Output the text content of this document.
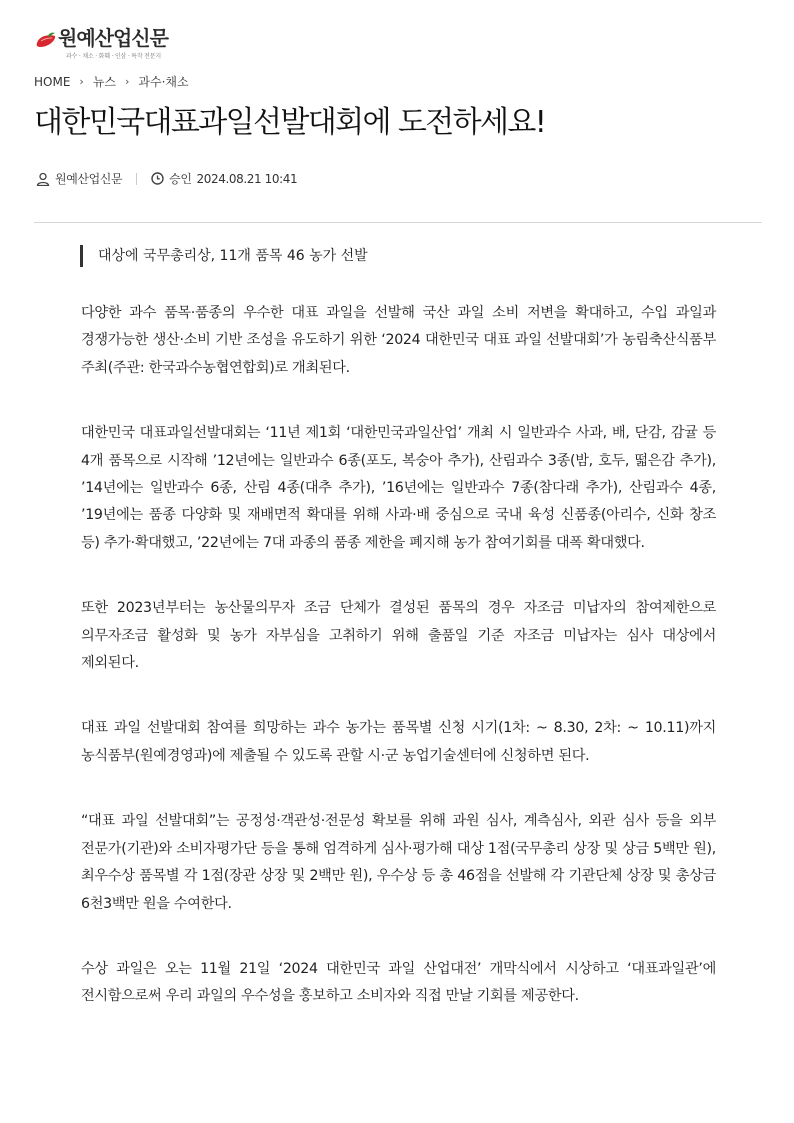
원예산업신문
과수 · 채소 · 화훼 · 인삼 · 특작 전문지
HOME › 뉴스 › 과수·채소
대한민국대표과일선발대회에 도전하세요!
원예산업신문	승인 2024.08.21 10:41
대상에 국무총리상, 11개 품목 46 농가 선발

다양한 과수 품목·품종의 우수한 대표 과일을 선발해 국산 과일 소비 저변을 확대하고, 수입 과일과 경쟁가능한 생산·소비 기반 조성을 유도하기 위한 ‘2024 대한민국 대표 과일 선발대회’가 농림축산식품부 주최(주관: 한국과수농협연합회)로 개최된다.

대한민국 대표과일선발대회는 ‘11년 제1회 ‘대한민국과일산업’ 개최 시 일반과수 사과, 배, 단감, 감귤 등 4개 품목으로 시작해 ’12년에는 일반과수 6종(포도, 복숭아 추가), 산림과수 3종(밤, 호두, 떫은감 추가), ’14년에는 일반과수 6종, 산림 4종(대추 추가), ’16년에는 일반과수 7종(참다래 추가), 산림과수 4종, ’19년에는 품종 다양화 및 재배면적 확대를 위해 사과·배 중심으로 국내 육성 신품종(아리수, 신화 창조 등) 추가·확대했고, ’22년에는 7대 과종의 품종 제한을 폐지해 농가 참여기회를 대폭 확대했다.

또한 2023년부터는 농산물의무자 조금 단체가 결성된 품목의 경우 자조금 미납자의 참여제한으로 의무자조금 활성화 및 농가 자부심을 고취하기 위해 출품일 기준 자조금 미납자는 심사 대상에서 제외된다.

대표 과일 선발대회 참여를 희망하는 과수 농가는 품목별 신청 시기(1차: ~ 8.30, 2차: ~ 10.11)까지 농식품부(원예경영과)에 제출될 수 있도록 관할 시·군 농업기술센터에 신청하면 된다.

“대표 과일 선발대회”는 공정성·객관성·전문성 확보를 위해 과원 심사, 계측심사, 외관 심사 등을 외부 전문가(기관)와 소비자평가단 등을 통해 엄격하게 심사·평가해 대상 1점(국무총리 상장 및 상금 5백만 원), 최우수상 품목별 각 1점(장관 상장 및 2백만 원), 우수상 등 총 46점을 선발해 각 기관단체 상장 및 총상금 6천3백만 원을 수여한다.

수상 과일은 오는 11월 21일 ‘2024 대한민국 과일 산업대전’ 개막식에서 시상하고 ‘대표과일관’에 전시함으로써 우리 과일의 우수성을 홍보하고 소비자와 직접 만날 기회를 제공한다.
